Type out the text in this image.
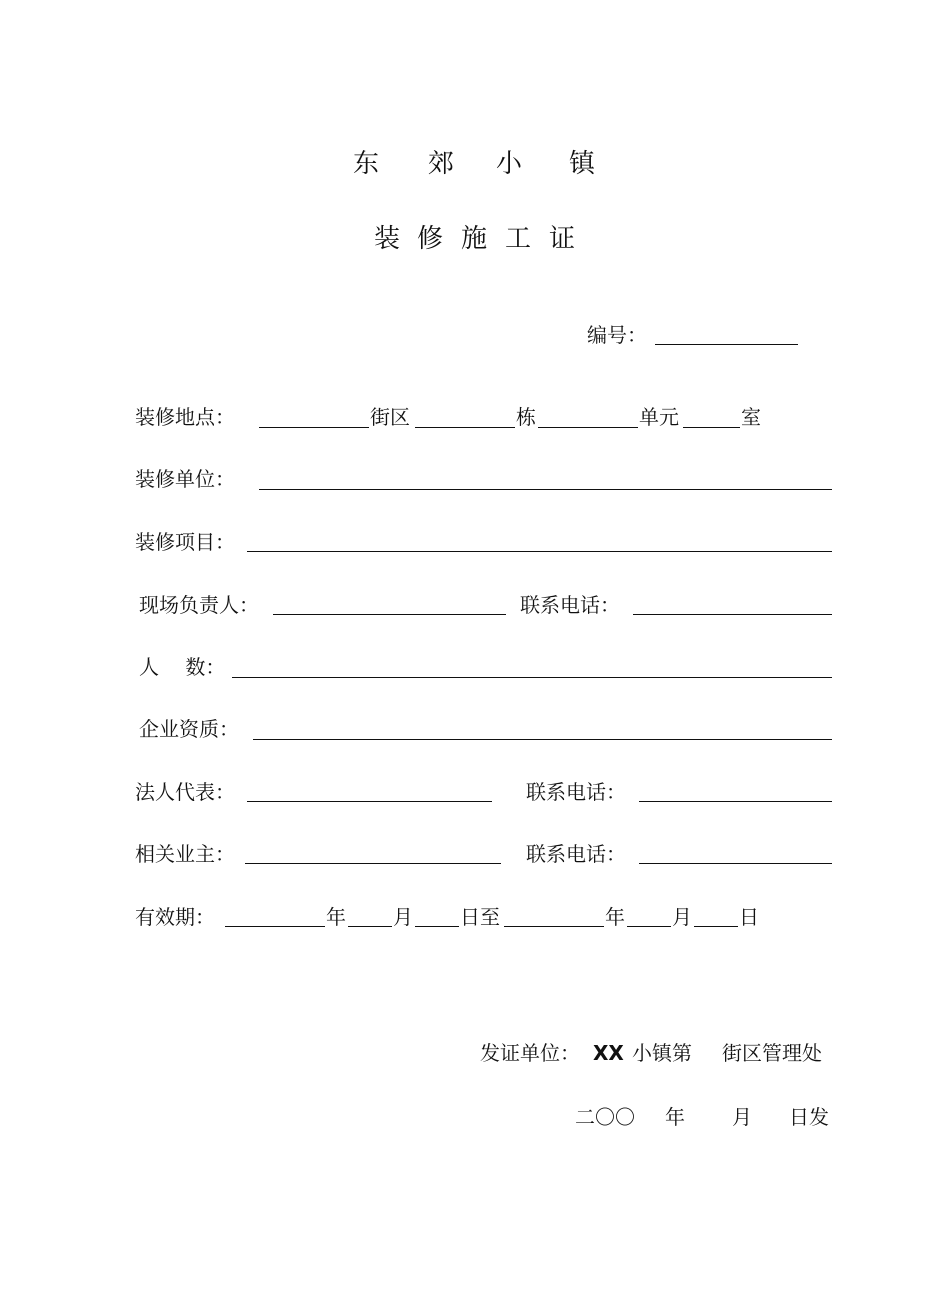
东 郊 小 镇
装 修 施 工 证
编号：
装修地点：	街区	栋	单元	室
装修单位：
装修项目：
现场负责人：	联系电话：
人　 数：
企业资质：
法人代表：	联系电话：
相关业主：	联系电话：
有效期：	年 月 日至	年 月 日
发证单位： XX 小镇第 街区管理处
二〇〇 年 月 日发
